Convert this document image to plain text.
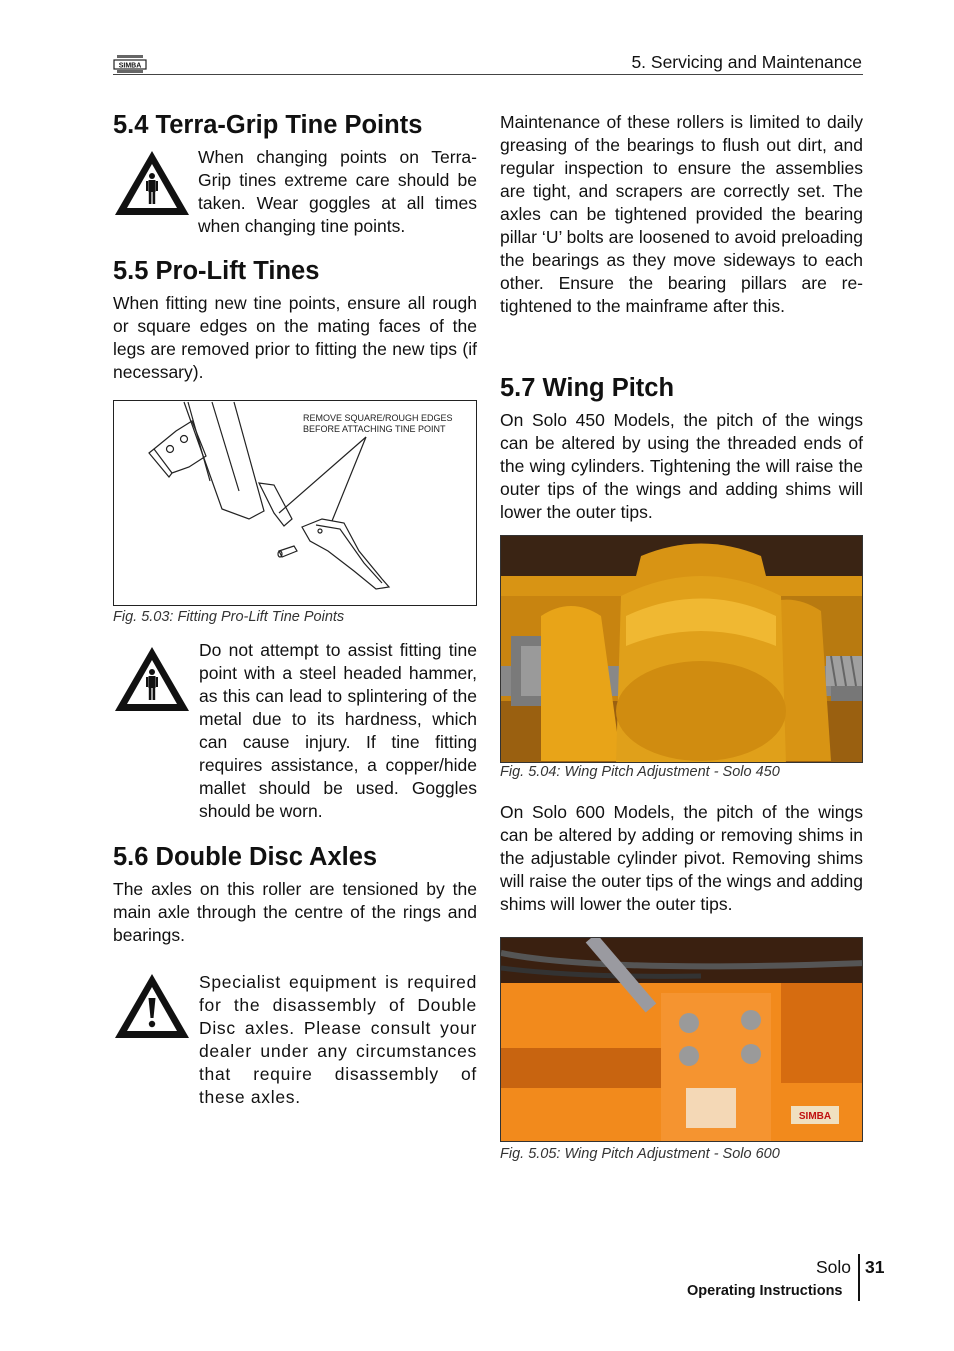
SIMBA	5. Servicing and Maintenance
5.4 Terra-Grip Tine Points

When changing points on Terra-Grip tines extreme care should be taken. Wear goggles at all times when changing tine points.

5.5 Pro-Lift Tines

When fitting new tine points, ensure all rough or square edges on the mating faces of the legs are removed prior to fitting the new tips (if necessary).

REMOVE SQUARE/ROUGH EDGES BEFORE ATTACHING TINE POINT
Fig. 5.03: Fitting Pro-Lift Tine Points

Do not attempt to assist fitting tine point with a steel headed hammer, as this can lead to splintering of the metal due to its hardness, which can cause injury. If tine fitting requires assistance, a copper/hide mallet should be used. Goggles should be worn.

5.6 Double Disc Axles

The axles on this roller are tensioned by the main axle through the centre of the rings and bearings.

Specialist equipment is required for the disassembly of Double Disc axles. Please consult your dealer under any circumstances that require disassembly of these axles.

Maintenance of these rollers is limited to daily greasing of the bearings to flush out dirt, and regular inspection to ensure the assemblies are tight, and scrapers are correctly set. The axles can be tightened provided the bearing pillar ‘U’ bolts are loosened to avoid preloading the bearings as they move sideways to each other. Ensure the bearing pillars are re- tightened to the mainframe after this.

5.7 Wing Pitch

On Solo 450 Models, the pitch of the wings can be altered by using the threaded ends of the wing cylinders. Tightening the will raise the outer tips of the wings and adding shims will lower the outer tips.

Fig. 5.04: Wing Pitch Adjustment - Solo 450

On Solo 600 Models, the pitch of the wings can be altered by adding or removing shims in the adjustable cylinder pivot. Removing shims will raise the outer tips of the wings and adding shims will lower the outer tips.

SIMBA
Fig. 5.05: Wing Pitch Adjustment - Solo 600
Solo 31
Operating Instructions
